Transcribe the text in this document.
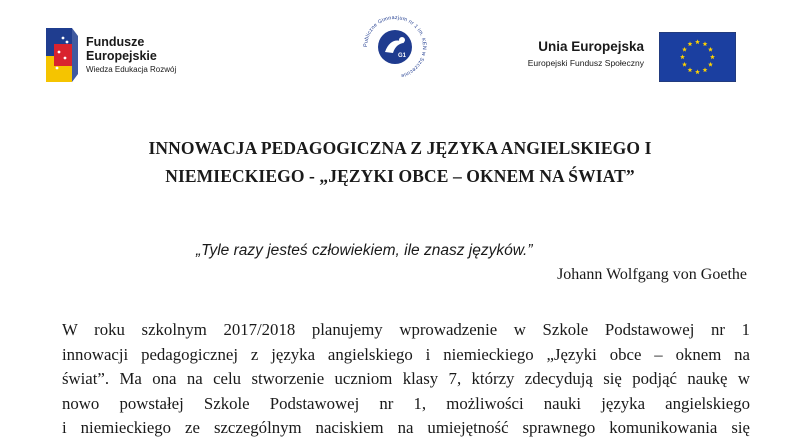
Fundusze
Europejskie
Wiedza Edukacja Rozwój
Publiczne Gimnazjum nr 1 im. KEN w Szczecinie
G1
Unia Europejska
Europejski Fundusz Społeczny
INNOWACJA PEDAGOGICZNA Z JĘZYKA ANGIELSKIEGO I
NIEMIECKIEGO - „JĘZYKI OBCE – OKNEM NA ŚWIAT”
„Tyle razy jesteś człowiekiem, ile znasz języków.”
Johann Wolfgang von Goethe
W roku szkolnym 2017/2018 planujemy wprowadzenie w Szkole Podstawowej nr 1
innowacji pedagogicznej z języka angielskiego i niemieckiego „Języki obce – oknem na
świat”. Ma ona na celu stworzenie uczniom klasy 7, którzy zdecydują się podjąć naukę w
nowo powstałej Szkole Podstawowej nr 1, możliwości nauki języka angielskiego
i niemieckiego ze szczególnym naciskiem na umiejętność sprawnego komunikowania się
